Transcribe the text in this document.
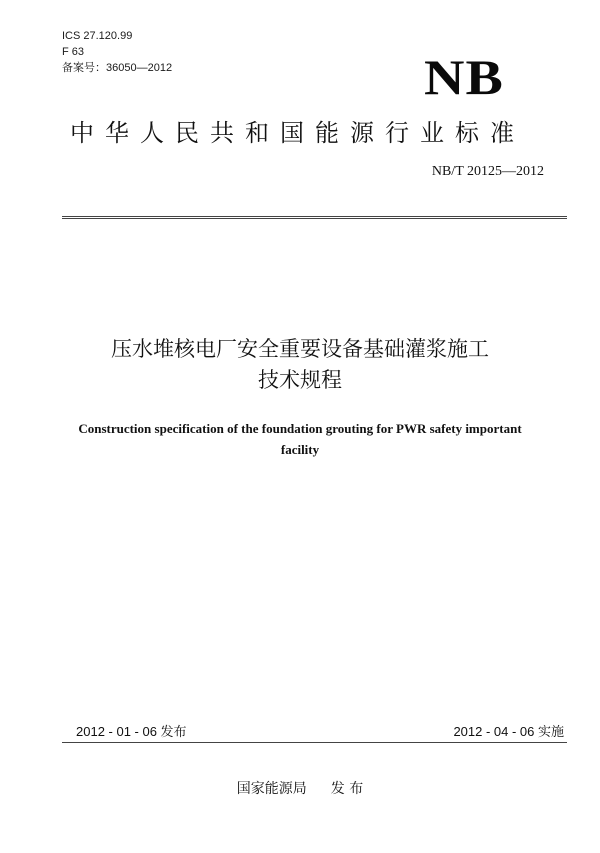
ICS 27.120.99
F 63
备案号：36050—2012	NB
中华人民共和国能源行业标准
NB/T 20125—2012
压水堆核电厂安全重要设备基础灌浆施工
技术规程
Construction specification of the foundation grouting for PWR safety important
facility
2012 - 01 - 06 发布	2012 - 04 - 06 实施
国家能源局 发 布
